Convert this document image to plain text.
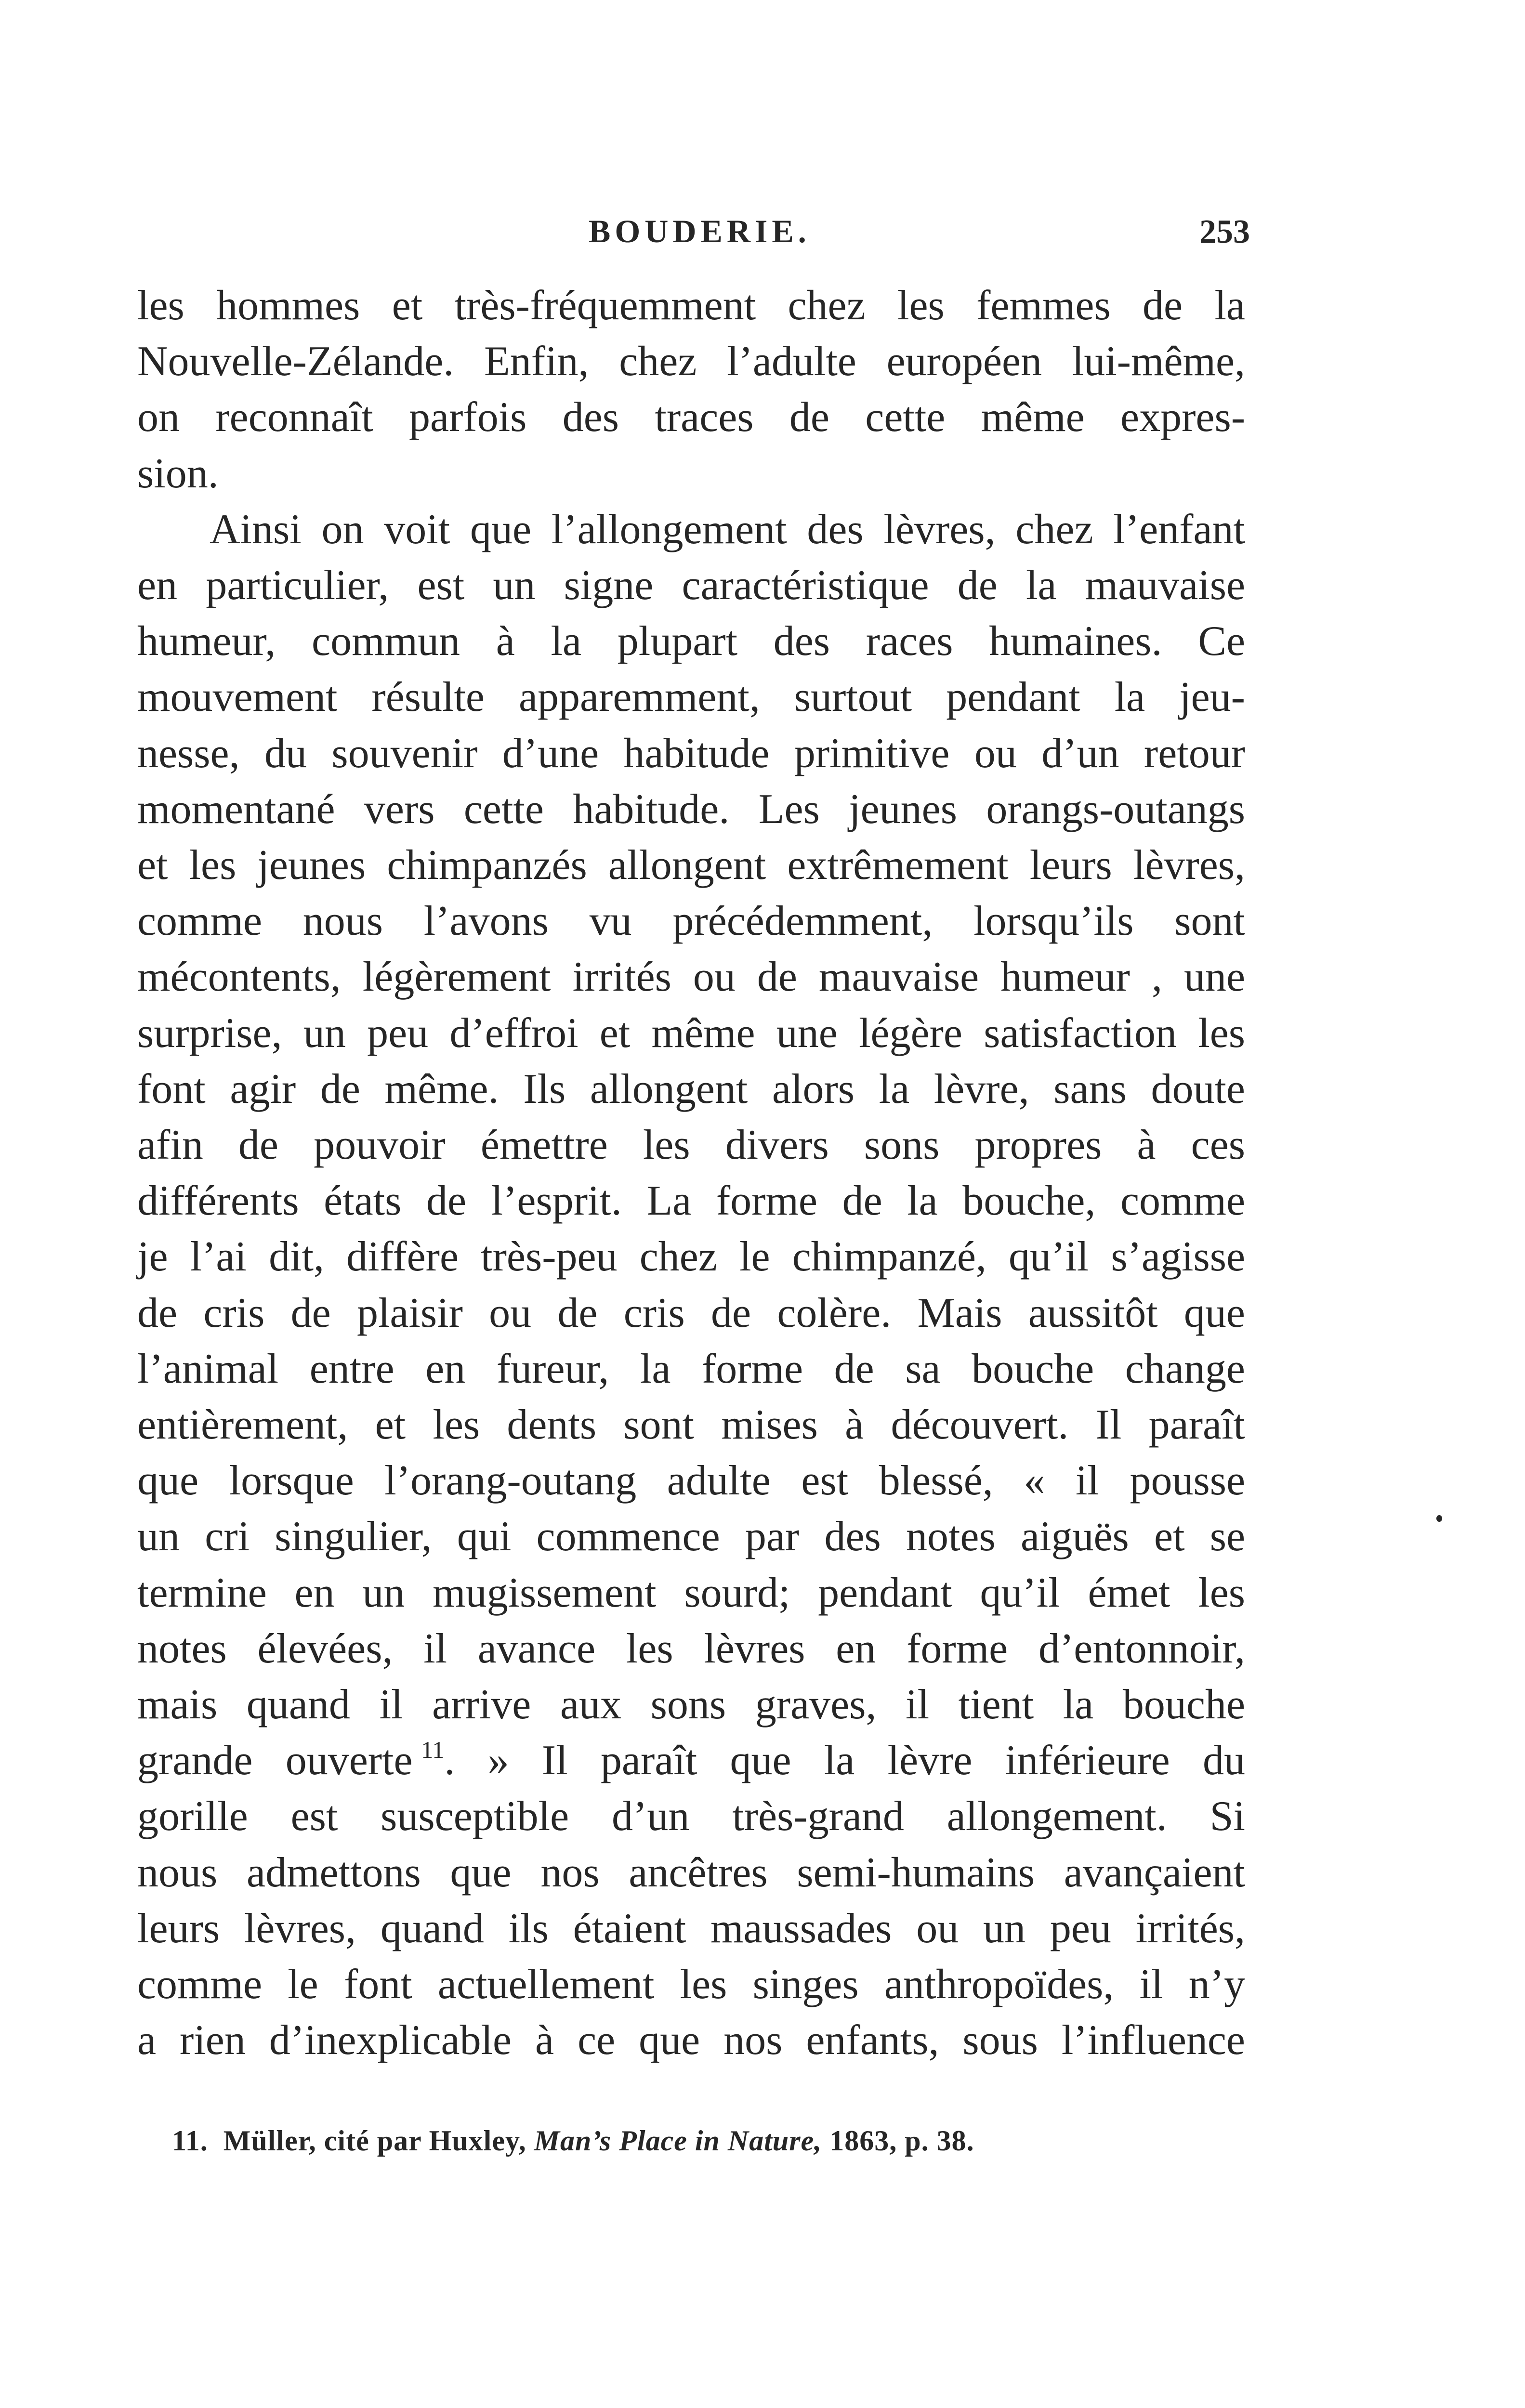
BOUDERIE.	253
les hommes et très-fréquemment chez les femmes de la
Nouvelle-Zélande. Enfin, chez l’adulte européen lui-même,
on reconnaît parfois des traces de cette même expres-
sion.
Ainsi on voit que l’allongement des lèvres, chez l’enfant
en particulier, est un signe caractéristique de la mauvaise
humeur, commun à la plupart des races humaines. Ce
mouvement résulte apparemment, surtout pendant la jeu-
nesse, du souvenir d’une habitude primitive ou d’un retour
momentané vers cette habitude. Les jeunes orangs-outangs
et les jeunes chimpanzés allongent extrêmement leurs lèvres,
comme nous l’avons vu précédemment, lorsqu’ils sont
mécontents, légèrement irrités ou de mauvaise humeur , une
surprise, un peu d’effroi et même une légère satisfaction les
font agir de même. Ils allongent alors la lèvre, sans doute
afin de pouvoir émettre les divers sons propres à ces
différents états de l’esprit. La forme de la bouche, comme
je l’ai dit, diffère très-peu chez le chimpanzé, qu’il s’agisse
de cris de plaisir ou de cris de colère. Mais aussitôt que
l’animal entre en fureur, la forme de sa bouche change
entièrement, et les dents sont mises à découvert. Il paraît
que lorsque l’orang-outang adulte est blessé, « il pousse
un cri singulier, qui commence par des notes aiguës et se
termine en un mugissement sourd; pendant qu’il émet les
notes élevées, il avance les lèvres en forme d’entonnoir,
mais quand il arrive aux sons graves, il tient la bouche
grande ouverte  $^{11}$. » Il paraît que la lèvre inférieure du
gorille est susceptible d’un très-grand allongement. Si
nous admettons que nos ancêtres semi-humains avançaient
leurs lèvres, quand ils étaient maussades ou un peu irrités,
comme le font actuellement les singes anthropoïdes, il n’y
a rien d’inexplicable à ce que nos enfants, sous l’influence
11. Müller, cité par Huxley, Man’s Place in Nature, 1863, p. 38.
